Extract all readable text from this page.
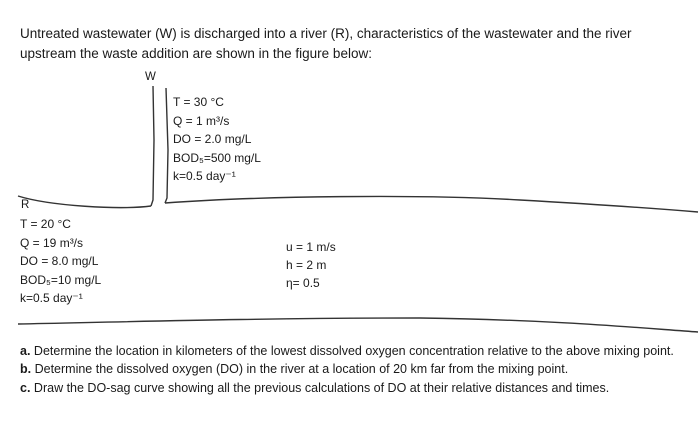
Untreated wastewater (W) is discharged into a river (R), characteristics of the wastewater and the river upstream the waste addition are shown in the figure below:
W
R
T = 30 °C
Q = 1 m³/s
DO = 2.0 mg/L
BOD₅=500 mg/L
k=0.5 day⁻¹
T = 20 °C
Q = 19 m³/s
DO = 8.0 mg/L
BOD₅=10 mg/L
k=0.5 day⁻¹
u = 1 m/s
h = 2 m
η= 0.5
a. Determine the location in kilometers of the lowest dissolved oxygen concentration relative to the above mixing point.
b. Determine the dissolved oxygen (DO) in the river at a location of 20 km far from the mixing point.
c. Draw the DO-sag curve showing all the previous calculations of DO at their relative distances and times.
